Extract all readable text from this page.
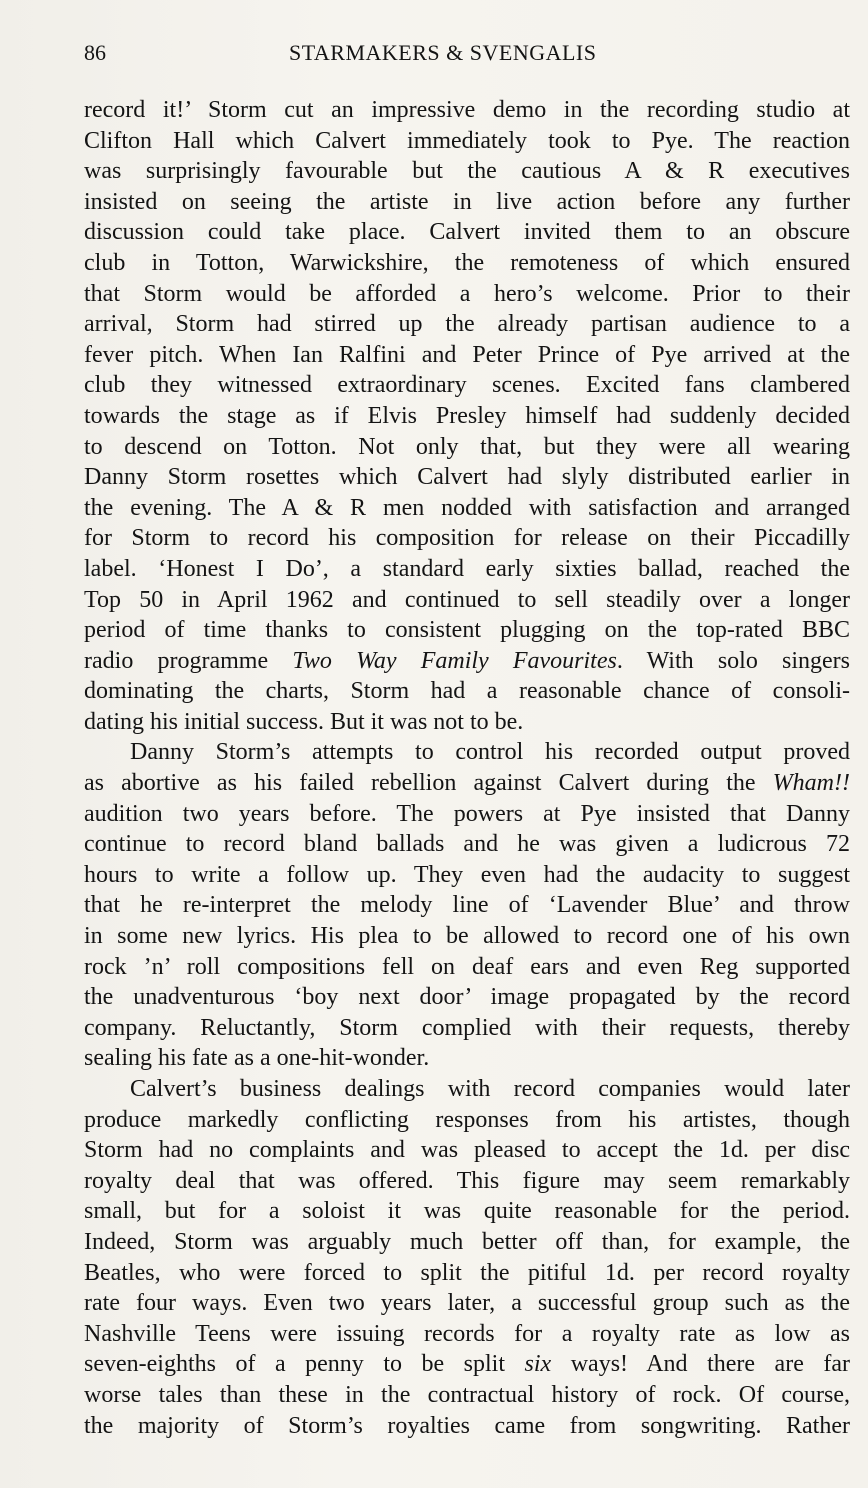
86	STARMAKERS & SVENGALIS

record it!’ Storm cut an impressive demo in the recording studio at
Clifton Hall which Calvert immediately took to Pye. The reaction
was surprisingly favourable but the cautious A & R executives
insisted on seeing the artiste in live action before any further
discussion could take place. Calvert invited them to an obscure
club in Totton, Warwickshire, the remoteness of which ensured
that Storm would be afforded a hero’s welcome. Prior to their
arrival, Storm had stirred up the already partisan audience to a
fever pitch. When Ian Ralfini and Peter Prince of Pye arrived at the
club they witnessed extraordinary scenes. Excited fans clambered
towards the stage as if Elvis Presley himself had suddenly decided
to descend on Totton. Not only that, but they were all wearing
Danny Storm rosettes which Calvert had slyly distributed earlier in
the evening. The A & R men nodded with satisfaction and arranged
for Storm to record his composition for release on their Piccadilly
label. ‘Honest I Do’, a standard early sixties ballad, reached the
Top 50 in April 1962 and continued to sell steadily over a longer
period of time thanks to consistent plugging on the top-rated BBC
radio programme Two Way Family Favourites. With solo singers
dominating the charts, Storm had a reasonable chance of consoli-
dating his initial success. But it was not to be.

Danny Storm’s attempts to control his recorded output proved
as abortive as his failed rebellion against Calvert during the Wham!!
audition two years before. The powers at Pye insisted that Danny
continue to record bland ballads and he was given a ludicrous 72
hours to write a follow up. They even had the audacity to suggest
that he re-interpret the melody line of ‘Lavender Blue’ and throw
in some new lyrics. His plea to be allowed to record one of his own
rock ’n’ roll compositions fell on deaf ears and even Reg supported
the unadventurous ‘boy next door’ image propagated by the record
company. Reluctantly, Storm complied with their requests, thereby
sealing his fate as a one-hit-wonder.

Calvert’s business dealings with record companies would later
produce markedly conflicting responses from his artistes, though
Storm had no complaints and was pleased to accept the 1d. per disc
royalty deal that was offered. This figure may seem remarkably
small, but for a soloist it was quite reasonable for the period.
Indeed, Storm was arguably much better off than, for example, the
Beatles, who were forced to split the pitiful 1d. per record royalty
rate four ways. Even two years later, a successful group such as the
Nashville Teens were issuing records for a royalty rate as low as
seven-eighths of a penny to be split six ways! And there are far
worse tales than these in the contractual history of rock. Of course,
the majority of Storm’s royalties came from songwriting. Rather
